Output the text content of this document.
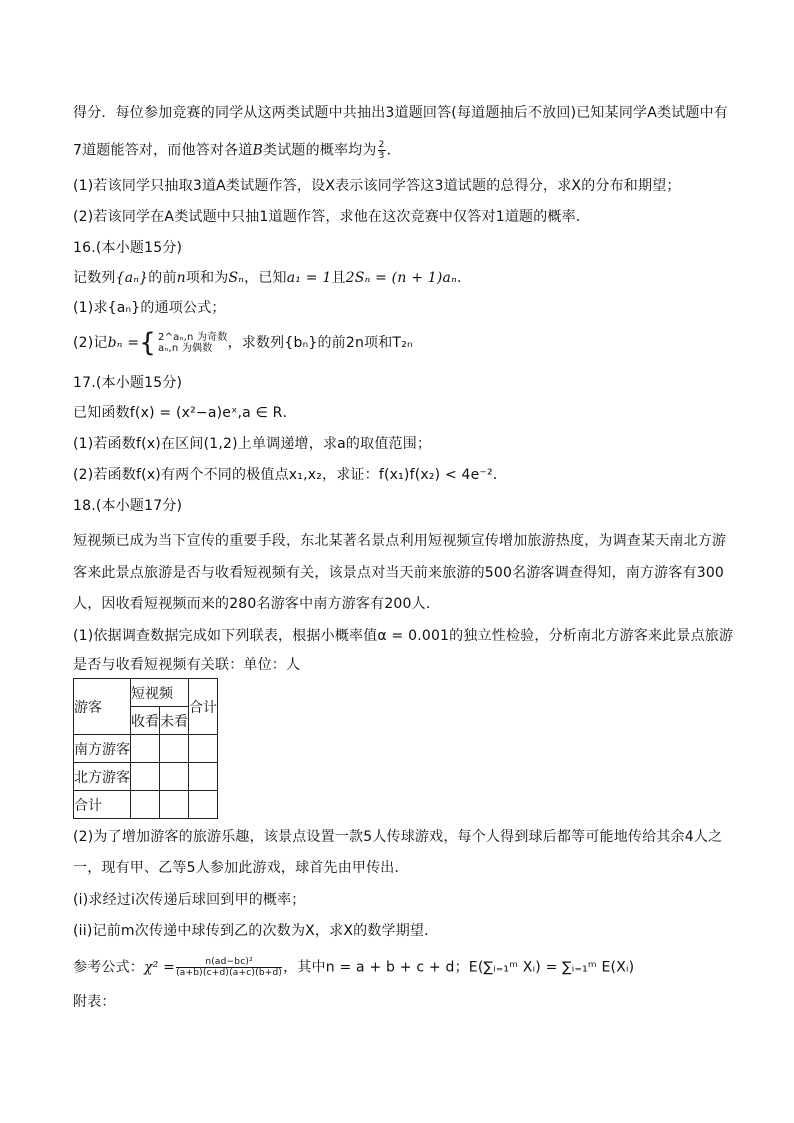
得分．每位参加竞赛的同学从这两类试题中共抽出3道题回答(每道题抽后不放回)已知某同学A类试题中有
7道题能答对，而他答对各道B类试题的概率均为 $\frac{2}{3}$ ．
(1)若该同学只抽取3道A类试题作答，设X表示该同学答这3道试题的总得分，求X的分布和期望；
(2)若该同学在A类试题中只抽1道题作答，求他在这次竞赛中仅答对1道题的概率．
16.(本小题15分)
记数列{aₙ}的前n项和为Sₙ，已知a₁ = 1且2Sₙ = (n + 1)aₙ．
(1)求{aₙ}的通项公式；
(2)记bₙ ={ 2^aₙ,n 为奇数
aₙ,n 为偶数	，求数列{bₙ}的前2n项和T₂ₙ
17.(本小题15分)
已知函数f(x) = (x²−a)eˣ,a ∈ R．
(1)若函数f(x)在区间(1,2)上单调递增，求a的取值范围；
(2)若函数f(x)有两个不同的极值点x₁,x₂，求证：f(x₁)f(x₂) < 4e⁻²．
18.(本小题17分)
短视频已成为当下宣传的重要手段，东北某著名景点利用短视频宣传增加旅游热度，为调查某天南北方游
客来此景点旅游是否与收看短视频有关，该景点对当天前来旅游的500名游客调查得知，南方游客有300
人，因收看短视频而来的280名游客中南方游客有200人．
(1)依据调查数据完成如下列联表，根据小概率值α = 0.001的独立性检验，分析南北方游客来此景点旅游
是否与收看短视频有关联：单位：人
游客	短视频		合计
	收看	未看	
南方游客			
北方游客			
合计			
(2)为了增加游客的旅游乐趣，该景点设置一款5人传球游戏，每个人得到球后都等可能地传给其余4人之
一，现有甲、乙等5人参加此游戏，球首先由甲传出．
(i)求经过i次传递后球回到甲的概率；
(ii)记前m次传递中球传到乙的次数为X，求X的数学期望．
参考公式：$\chi^2 = \frac{\text{n(ad−bc)²}}{(a+b)(c+d)(a+c)(b+d)}$ ，其中n = a + b + c + d；E(∑ᵢ₌₁ᵐ Xᵢ) = ∑ᵢ₌₁ᵐ E(Xᵢ)
附表：
